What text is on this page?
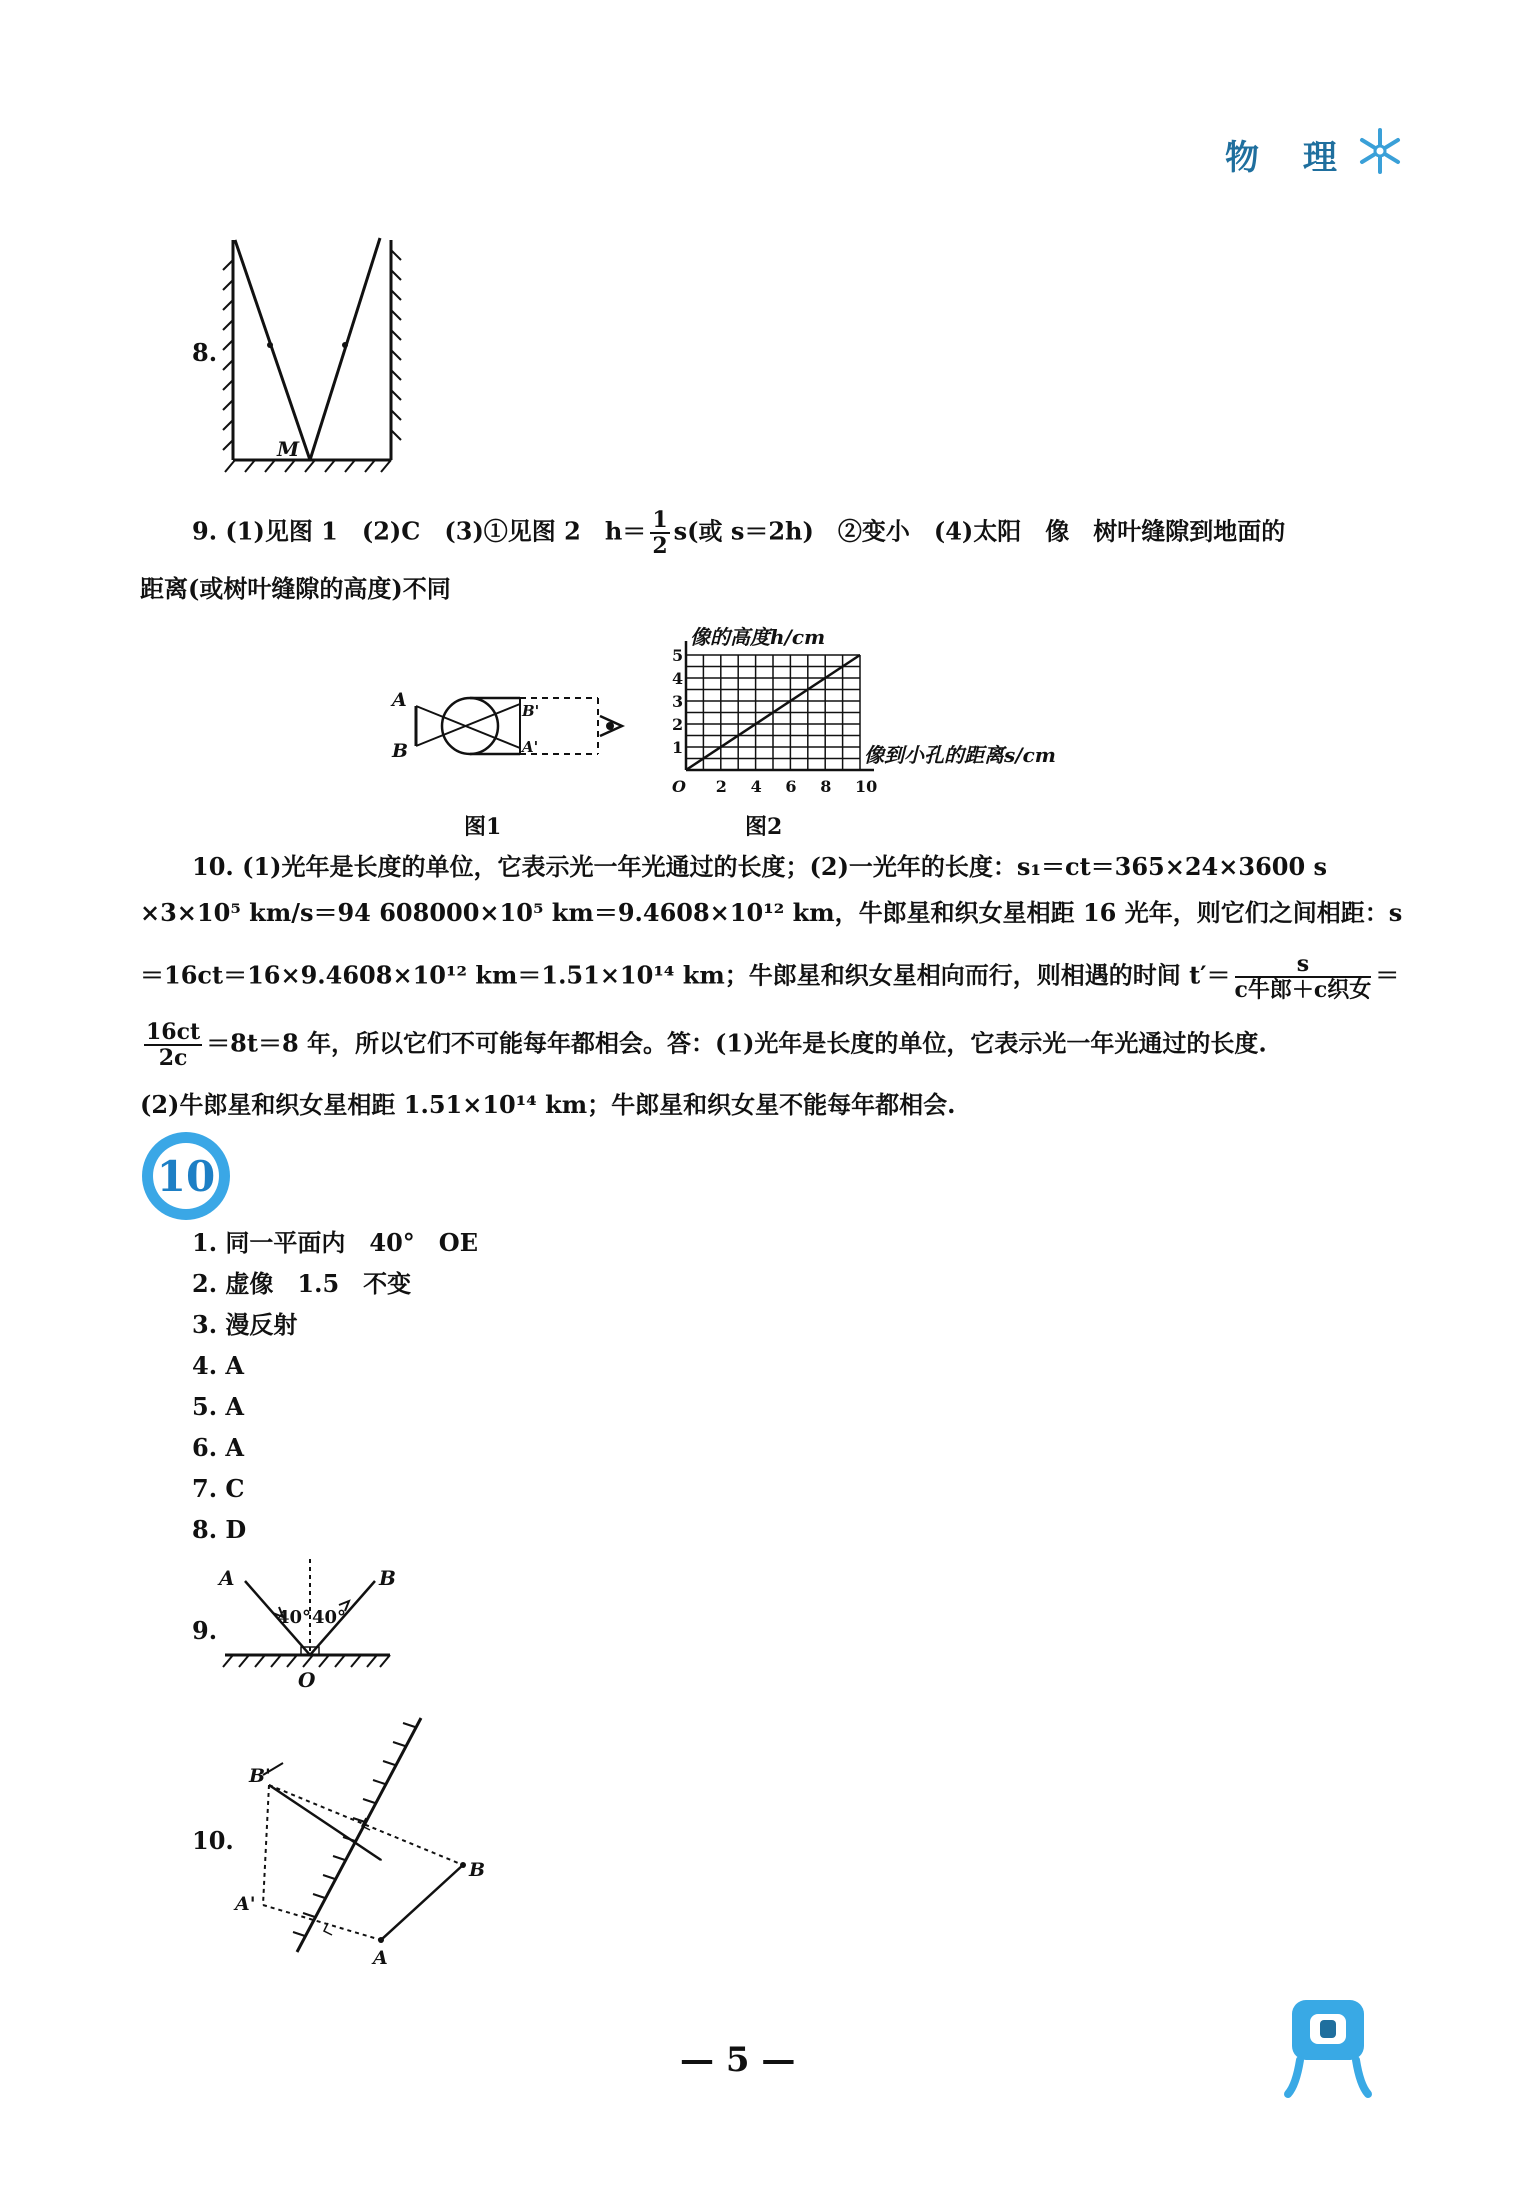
物 理
8.
M
9. (1)见图 1　(2)C　(3)①见图 2　$h= \frac{1}{2} s$(或 s＝2h)　②变小　(4)太阳　像　树叶缝隙到地面的
距离(或树叶缝隙的高度)不同
A
B
B'
A'
图1
像的高度h/cm
1
2
3
4
5
2 4 6 8 10
O
像到小孔的距离s/cm
图2
10. (1)光年是长度的单位，它表示光一年光通过的长度；(2)一光年的长度：s₁＝ct＝365×24×3600 s
×3×10⁵ km/s＝94 608000×10⁵ km＝9.4608×10¹² km，牛郎星和织女星相距 16 光年，则它们之间相距：s
＝16ct＝16×9.4608×10¹² km＝1.51×10¹⁴ km；牛郎星和织女星相向而行，则相遇的时间 $t'= \frac{s}{\text{c牛郎＋c织女}}$ ＝
$\frac{16ct}{2c} =8t=8$ 年，所以它们不可能每年都相会。答：(1)光年是长度的单位，它表示光一年光通过的长度.
(2)牛郎星和织女星相距 1.51×10¹⁴ km；牛郎星和织女星不能每年都相会.
10
1. 同一平面内　40°　OE
2. 虚像　1.5　不变
3. 漫反射
4. A
5. A
6. A
7. C
8. D
9.
A	B
40° 40°
O
10.
B'
A'
B
A
— 5 —
